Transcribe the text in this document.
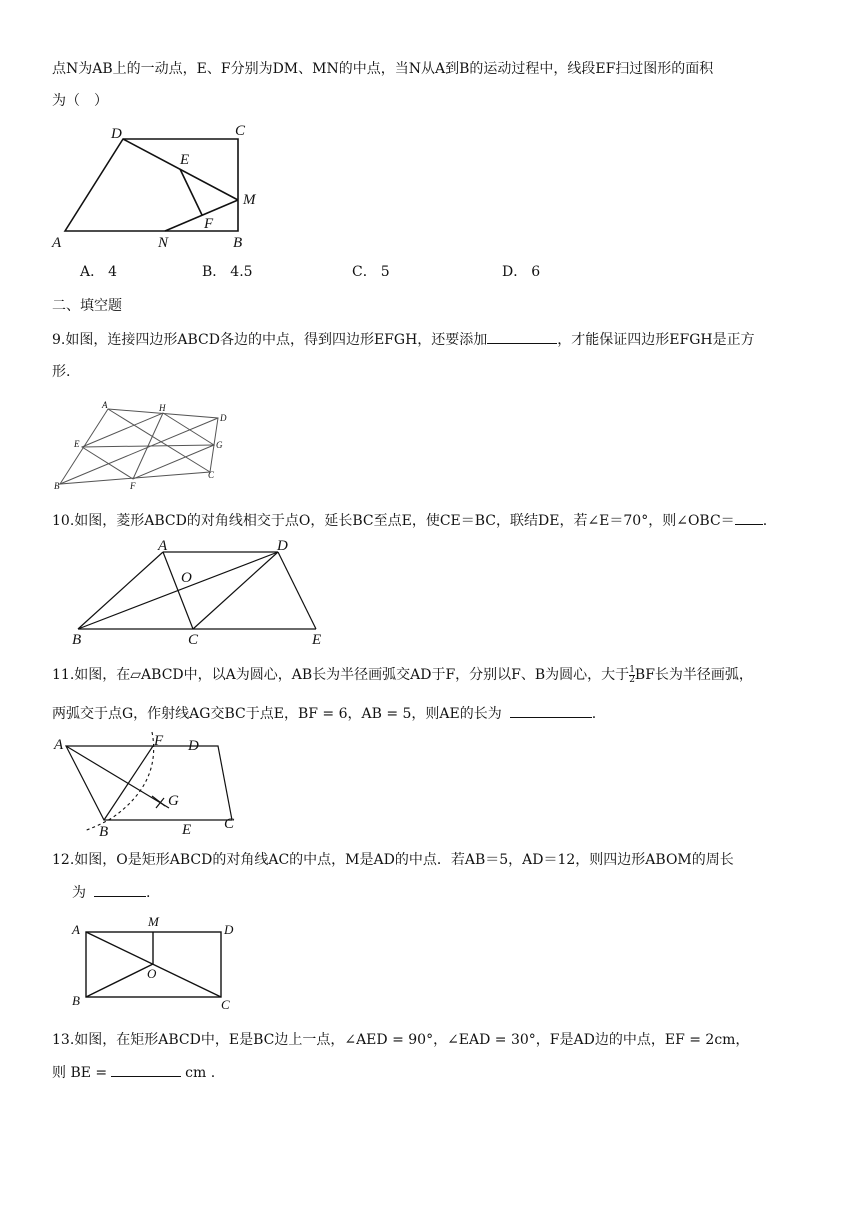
点N为AB上的一动点，E、F分别为DM、MN的中点，当N从A到B的运动过程中，线段EF扫过图形的面积
为（　）
A
D	C
E
M
F
N	B
A． 4	B． 4.5	C． 5	D． 6
二、填空题
9.如图，连接四边形ABCD各边的中点，得到四边形EFGH，还要添加	，才能保证四边形EFGH是正方
形.
A	H
D
E	G
C
B	F
10.如图，菱形ABCD的对角线相交于点O，延长BC至点E，使CE＝BC，联结DE，若∠E＝70°，则∠OBC＝ .
A	D
O
B	C	E
11.如图，在▱ABCD中，以A为圆心，AB长为半径画弧交AD于F，分别以F、B为圆心，大于 $\frac{1}{2}$ BF长为半径画弧，
两弧交于点G，作射线AG交BC于点E，BF = 6，AB = 5，则AE的长为	.
A	F D
G
B	E C
12.如图，O是矩形ABCD的对角线AC的中点，M是AD的中点．若AB＝5，AD＝12，则四边形ABOM的周长
为	.
A
M
D
O
B	C
13.如图，在矩形ABCD中，E是BC边上一点，∠AED = 90°，∠EAD = 30°，F是AD边的中点，EF = 2cm，
则 BE =	cm .
